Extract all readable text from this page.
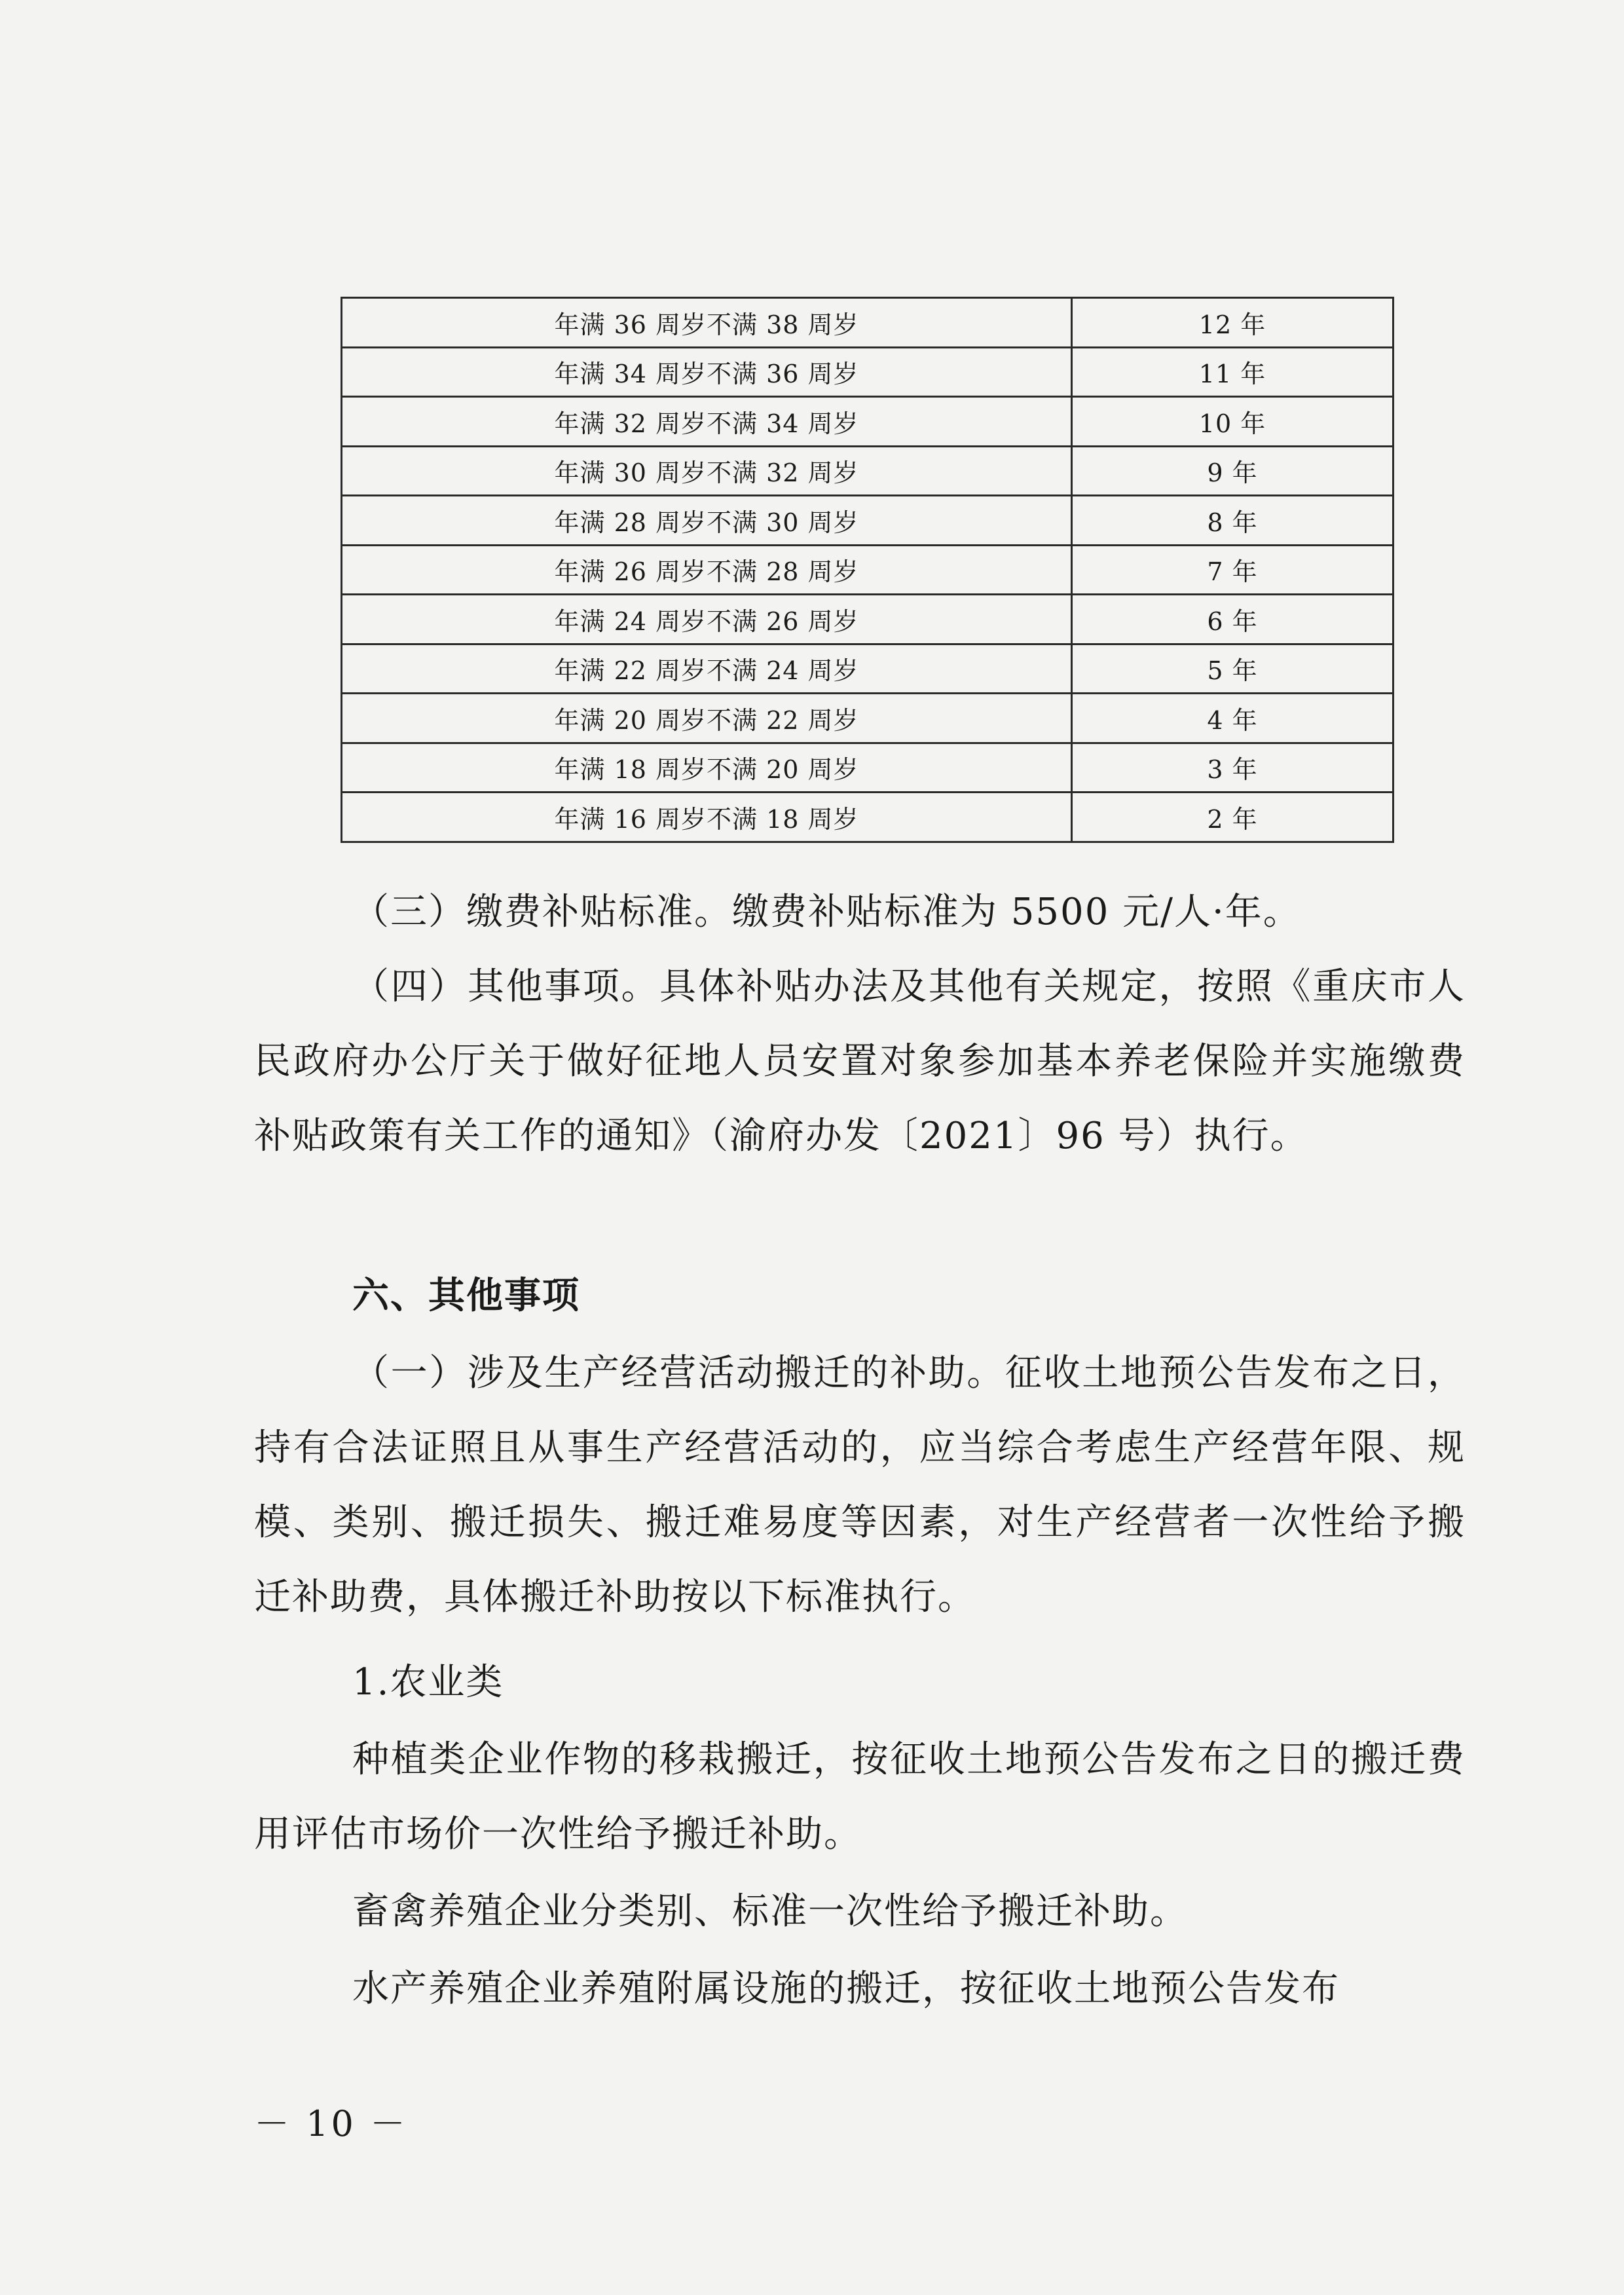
年满 36 周岁不满 38 周岁	12 年
年满 34 周岁不满 36 周岁	11 年
年满 32 周岁不满 34 周岁	10 年
年满 30 周岁不满 32 周岁	9 年
年满 28 周岁不满 30 周岁	8 年
年满 26 周岁不满 28 周岁	7 年
年满 24 周岁不满 26 周岁	6 年
年满 22 周岁不满 24 周岁	5 年
年满 20 周岁不满 22 周岁	4 年
年满 18 周岁不满 20 周岁	3 年
年满 16 周岁不满 18 周岁	2 年

（三）缴费补贴标准。缴费补贴标准为 5500 元/人·年。

（四）其他事项。具体补贴办法及其他有关规定，按照《重庆市人民政府办公厅关于做好征地人员安置对象参加基本养老保险并实施缴费补贴政策有关工作的通知》（渝府办发〔2021〕96 号）执行。

六、其他事项

（一）涉及生产经营活动搬迁的补助。征收土地预公告发布之日，持有合法证照且从事生产经营活动的，应当综合考虑生产经营年限、规模、类别、搬迁损失、搬迁难易度等因素，对生产经营者一次性给予搬迁补助费，具体搬迁补助按以下标准执行。

1.农业类

种植类企业作物的移栽搬迁，按征收土地预公告发布之日的搬迁费用评估市场价一次性给予搬迁补助。

畜禽养殖企业分类别、标准一次性给予搬迁补助。

水产养殖企业养殖附属设施的搬迁，按征收土地预公告发布

－ 10 －
